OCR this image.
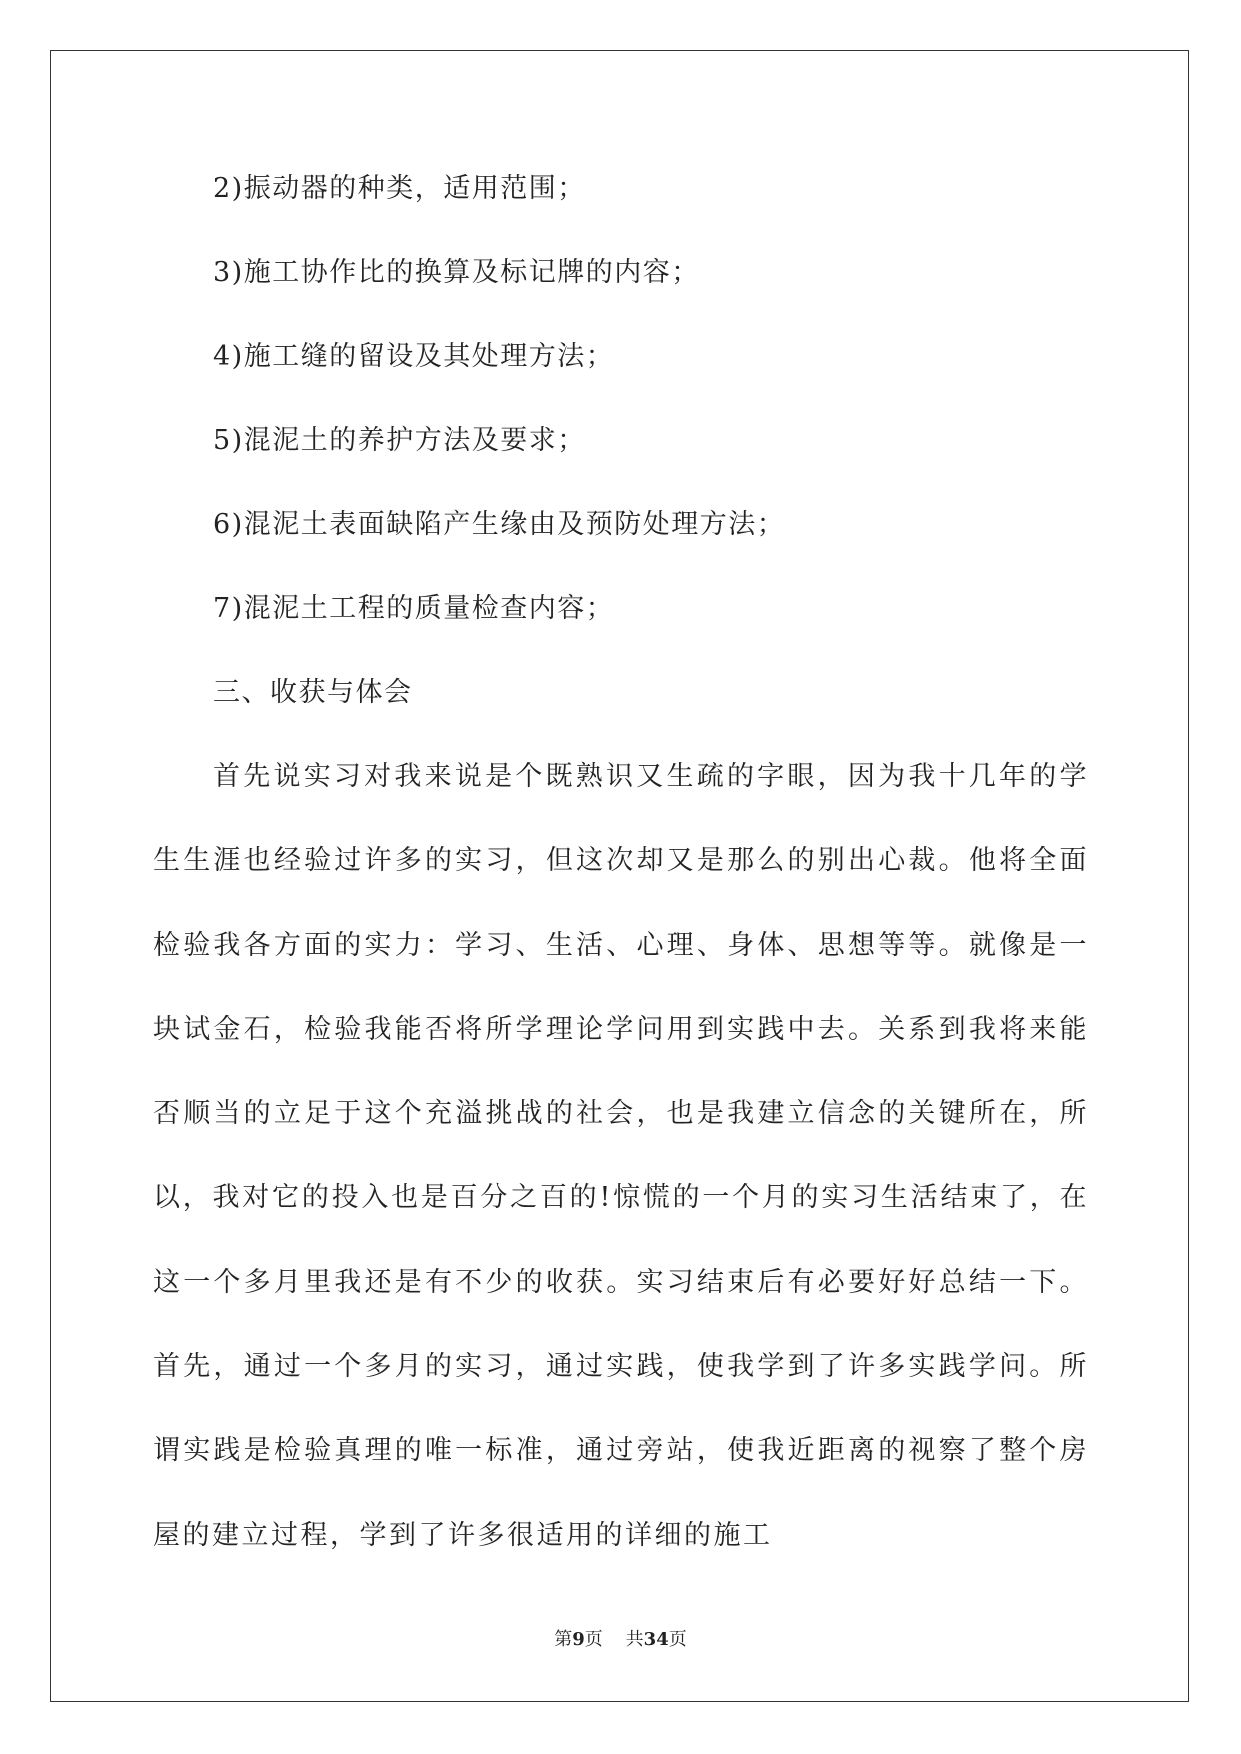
2)振动器的种类，适用范围；
3)施工协作比的换算及标记牌的内容；
4)施工缝的留设及其处理方法；
5)混泥土的养护方法及要求；
6)混泥土表面缺陷产生缘由及预防处理方法；
7)混泥土工程的质量检查内容；
三、收获与体会

首先说实习对我来说是个既熟识又生疏的字眼，因为我十几年的学生生涯也经验过许多的实习，但这次却又是那么的别出心裁。他将全面检验我各方面的实力：学习、生活、心理、身体、思想等等。就像是一块试金石，检验我能否将所学理论学问用到实践中去。关系到我将来能否顺当的立足于这个充溢挑战的社会，也是我建立信念的关键所在，所以，我对它的投入也是百分之百的!惊慌的一个月的实习生活结束了，在这一个多月里我还是有不少的收获。实习结束后有必要好好总结一下。首先，通过一个多月的实习，通过实践，使我学到了许多实践学问。所谓实践是检验真理的唯一标准，通过旁站，使我近距离的视察了整个房屋的建立过程，学到了许多很适用的详细的施工

第9页 共34页
